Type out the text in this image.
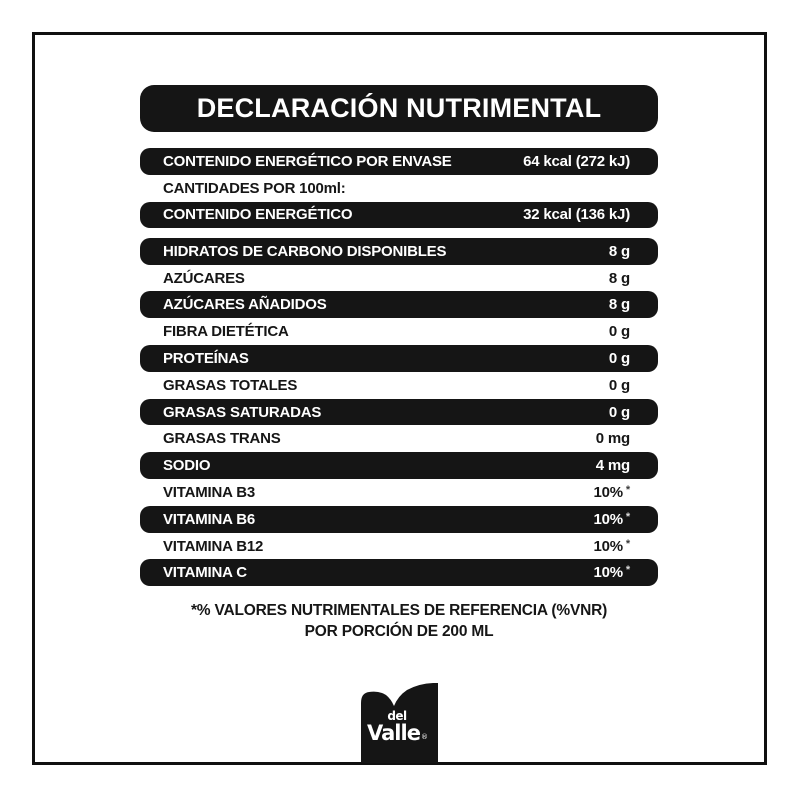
DECLARACIÓN NUTRIMENTAL
CONTENIDO ENERGÉTICO POR ENVASE	64 kcal (272 kJ)
CANTIDADES POR 100ml:
CONTENIDO ENERGÉTICO	32 kcal (136 kJ)
HIDRATOS DE CARBONO DISPONIBLES	8 g
AZÚCARES	8 g
AZÚCARES AÑADIDOS	8 g
FIBRA DIETÉTICA	0 g
PROTEÍNAS	0 g
GRASAS TOTALES	0 g
GRASAS SATURADAS	0 g
GRASAS TRANS	0 mg
SODIO	4 mg
VITAMINA B3	10% *
VITAMINA B6	10% *
VITAMINA B12	10% *
VITAMINA C	10% *
*% VALORES NUTRIMENTALES DE REFERENCIA (%VNR)
POR PORCIÓN DE 200 ML
del
Valle®
